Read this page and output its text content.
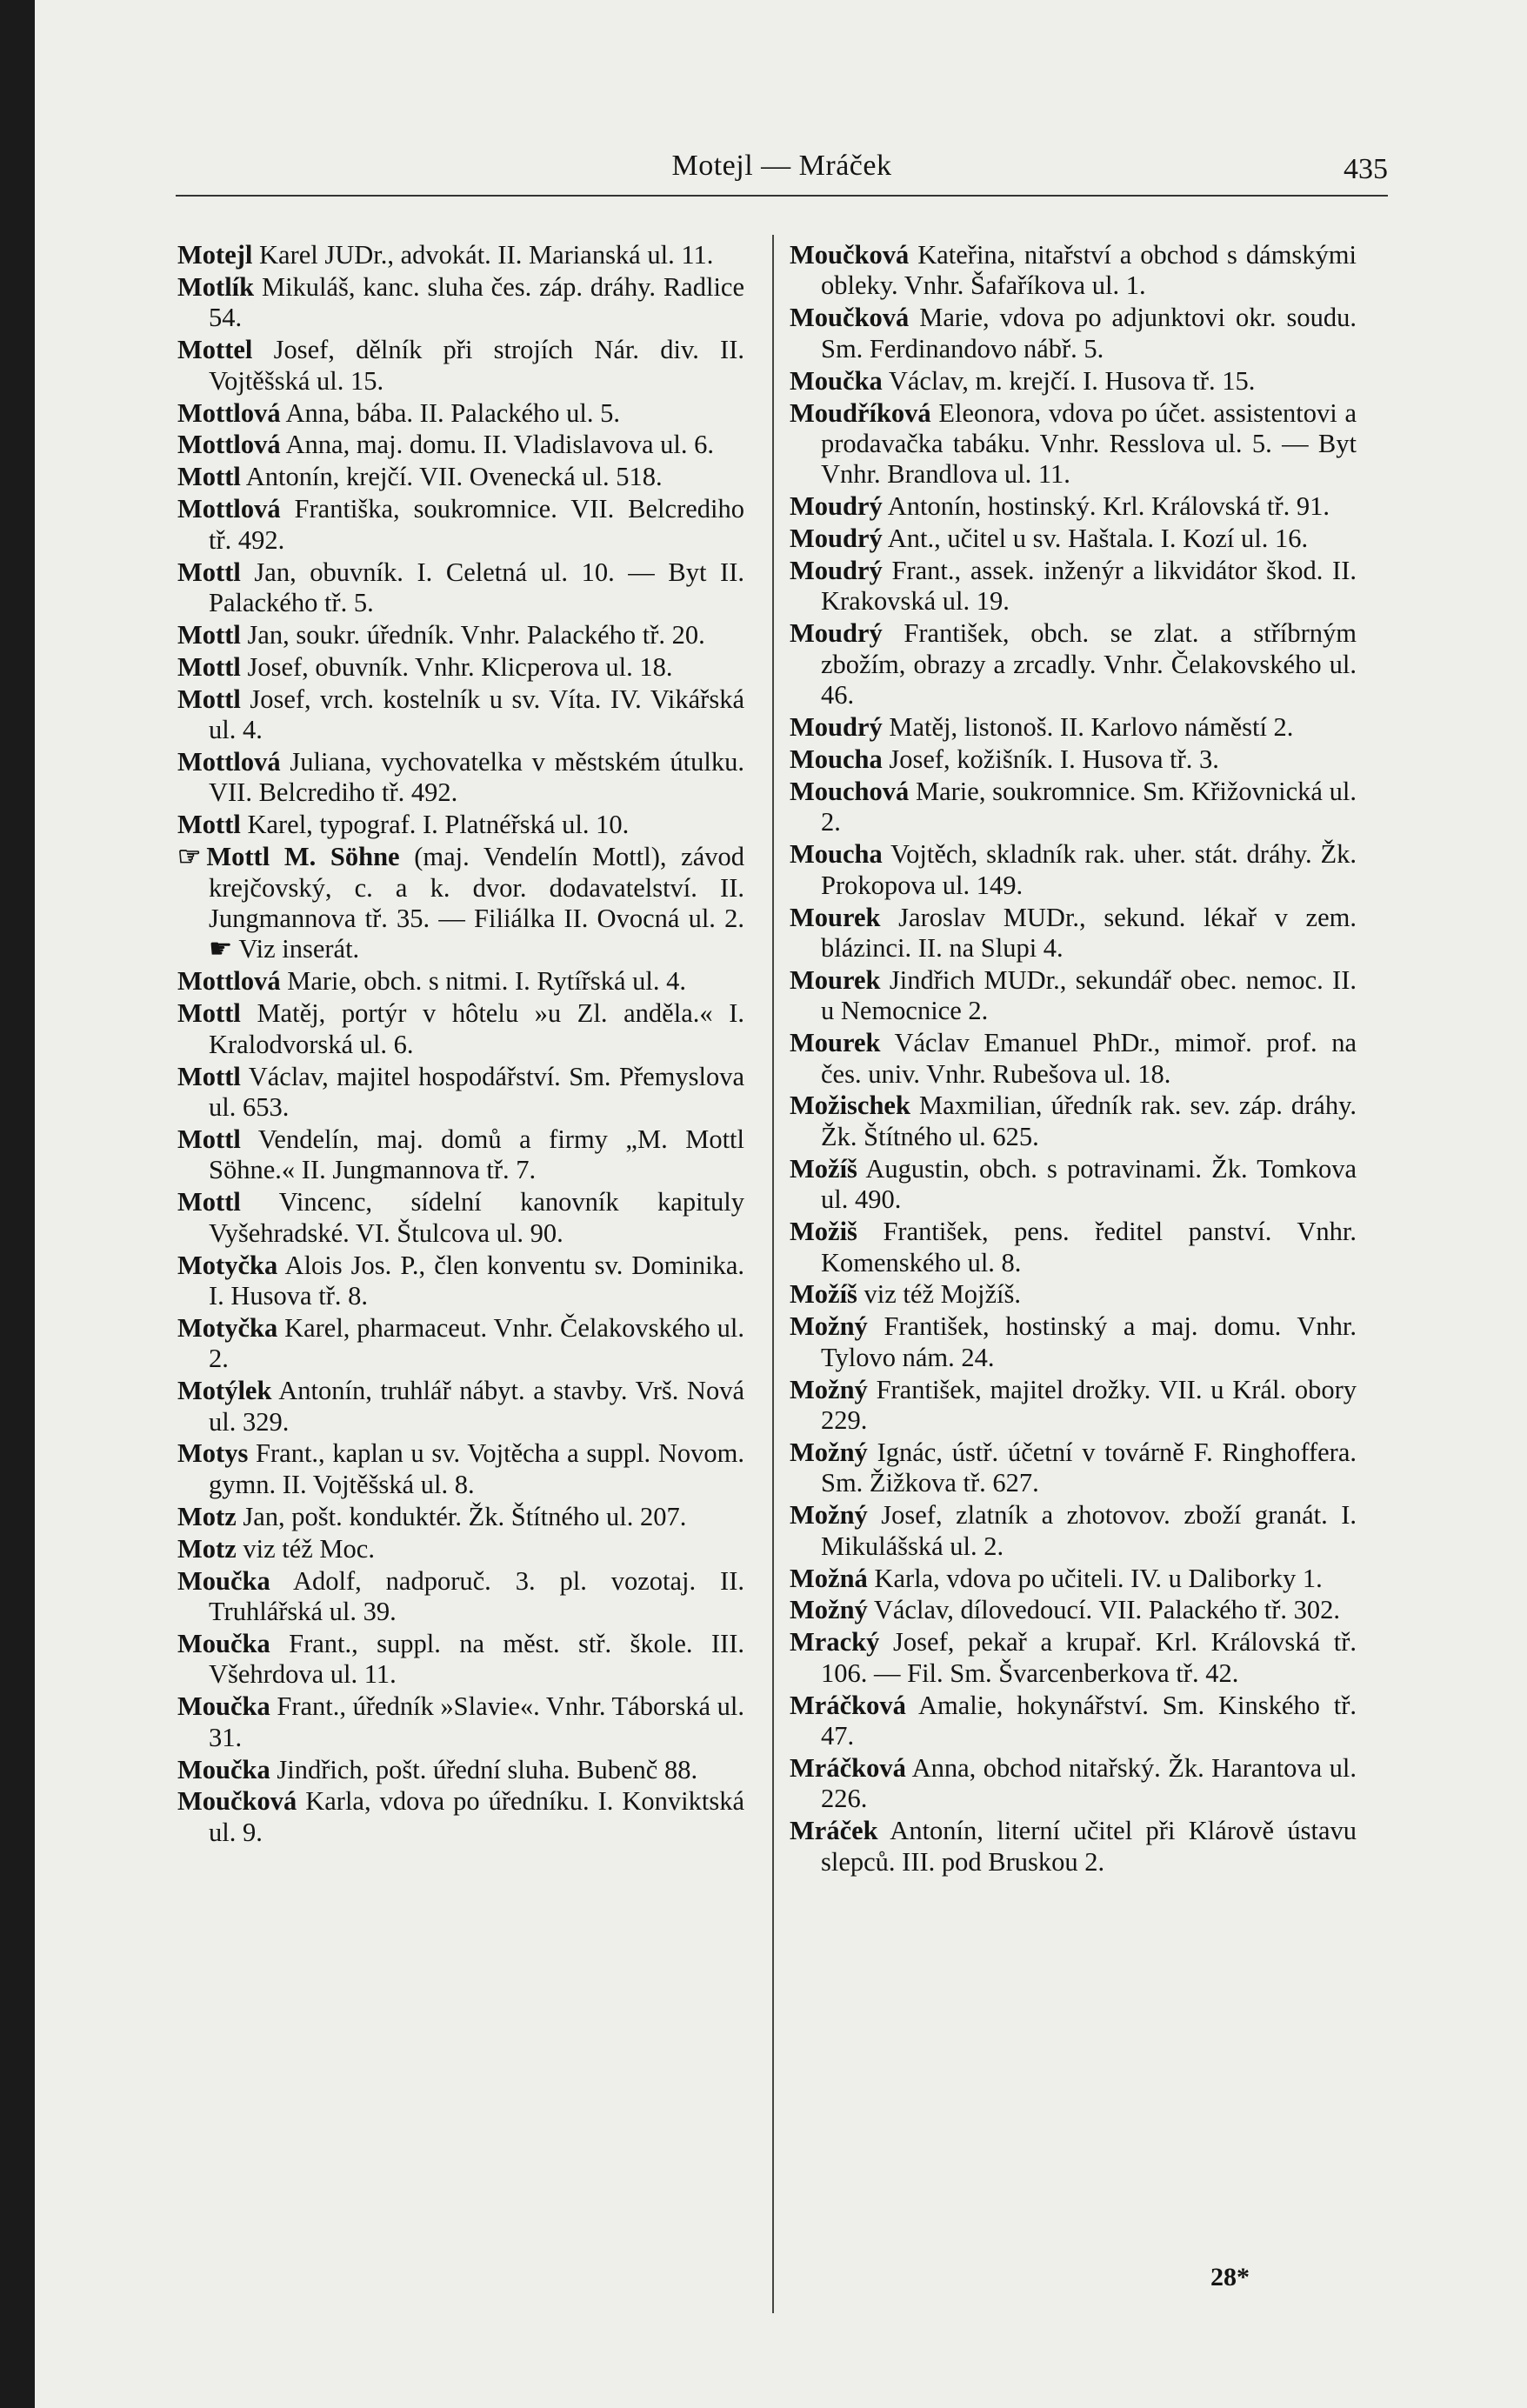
Motejl — Mráček	435

Motejl Karel JUDr., advokát. II. Marianská ul. 11.

Motlík Mikuláš, kanc. sluha čes. záp. dráhy. Radlice 54.

Mottel Josef, dělník při strojích Nár. div. II. Vojtěšská ul. 15.

Mottlová Anna, bába. II. Palackého ul. 5.

Mottlová Anna, maj. domu. II. Vladislavova ul. 6.

Mottl Antonín, krejčí. VII. Ovenecká ul. 518.

Mottlová Františka, soukromnice. VII. Belcrediho tř. 492.

Mottl Jan, obuvník. I. Celetná ul. 10. — Byt II. Palackého tř. 5.

Mottl Jan, soukr. úředník. Vnhr. Palackého tř. 20.

Mottl Josef, obuvník. Vnhr. Klicperova ul. 18.

Mottl Josef, vrch. kostelník u sv. Víta. IV. Vikářská ul. 4.

Mottlová Juliana, vychovatelka v městském útulku. VII. Belcrediho tř. 492.

Mottl Karel, typograf. I. Platnéřská ul. 10.

☞ Mottl M. Söhne (maj. Vendelín Mottl), závod krejčovský, c. a k. dvor. dodavatelství. II. Jungmannova tř. 35. — Filiálka II. Ovocná ul. 2. ☛ Viz inserát.

Mottlová Marie, obch. s nitmi. I. Rytířská ul. 4.

Mottl Matěj, portýr v hôtelu »u Zl. anděla.« I. Kralodvorská ul. 6.

Mottl Václav, majitel hospodářství. Sm. Přemyslova ul. 653.

Mottl Vendelín, maj. domů a firmy „M. Mottl Söhne.« II. Jungmannova tř. 7.

Mottl Vincenc, sídelní kanovník kapituly Vyšehradské. VI. Štulcova ul. 90.

Motyčka Alois Jos. P., člen konventu sv. Dominika. I. Husova tř. 8.

Motyčka Karel, pharmaceut. Vnhr. Čelakovského ul. 2.

Motýlek Antonín, truhlář nábyt. a stavby. Vrš. Nová ul. 329.

Motys Frant., kaplan u sv. Vojtěcha a suppl. Novom. gymn. II. Vojtěšská ul. 8.

Motz Jan, pošt. konduktér. Žk. Štítného ul. 207.

Motz viz též Moc.

Moučka Adolf, nadporuč. 3. pl. vozotaj. II. Truhlářská ul. 39.

Moučka Frant., suppl. na měst. stř. škole. III. Všehrdova ul. 11.

Moučka Frant., úředník »Slavie«. Vnhr. Táborská ul. 31.

Moučka Jindřich, pošt. úřední sluha. Bubenč 88.

Moučková Karla, vdova po úředníku. I. Konviktská ul. 9.

Moučková Kateřina, nitařství a obchod s dámskými obleky. Vnhr. Šafaříkova ul. 1.

Moučková Marie, vdova po adjunktovi okr. soudu. Sm. Ferdinandovo nábř. 5.

Moučka Václav, m. krejčí. I. Husova tř. 15.

Moudříková Eleonora, vdova po účet. assistentovi a prodavačka tabáku. Vnhr. Resslova ul. 5. — Byt Vnhr. Brandlova ul. 11.

Moudrý Antonín, hostinský. Krl. Královská tř. 91.

Moudrý Ant., učitel u sv. Haštala. I. Kozí ul. 16.

Moudrý Frant., assek. inženýr a likvidátor škod. II. Krakovská ul. 19.

Moudrý František, obch. se zlat. a stříbrným zbožím, obrazy a zrcadly. Vnhr. Čelakovského ul. 46.

Moudrý Matěj, listonoš. II. Karlovo náměstí 2.

Moucha Josef, kožišník. I. Husova tř. 3.

Mouchová Marie, soukromnice. Sm. Křižovnická ul. 2.

Moucha Vojtěch, skladník rak. uher. stát. dráhy. Žk. Prokopova ul. 149.

Mourek Jaroslav MUDr., sekund. lékař v zem. blázinci. II. na Slupi 4.

Mourek Jindřich MUDr., sekundář obec. nemoc. II. u Nemocnice 2.

Mourek Václav Emanuel PhDr., mimoř. prof. na čes. univ. Vnhr. Rubešova ul. 18.

Možischek Maxmilian, úředník rak. sev. záp. dráhy. Žk. Štítného ul. 625.

Možíš Augustin, obch. s potravinami. Žk. Tomkova ul. 490.

Možiš František, pens. ředitel panství. Vnhr. Komenského ul. 8.

Možíš viz též Mojžíš.

Možný František, hostinský a maj. domu. Vnhr. Tylovo nám. 24.

Možný František, majitel drožky. VII. u Král. obory 229.

Možný Ignác, ústř. účetní v továrně F. Ringhoffera. Sm. Žižkova tř. 627.

Možný Josef, zlatník a zhotovov. zboží granát. I. Mikulášská ul. 2.

Možná Karla, vdova po učiteli. IV. u Daliborky 1.

Možný Václav, dílovedoucí. VII. Palackého tř. 302.

Mracký Josef, pekař a krupař. Krl. Královská tř. 106. — Fil. Sm. Švarcenberkova tř. 42.

Mráčková Amalie, hokynářství. Sm. Kinského tř. 47.

Mráčková Anna, obchod nitařský. Žk. Harantova ul. 226.

Mráček Antonín, literní učitel při Klárově ústavu slepců. III. pod Bruskou 2.

28*
